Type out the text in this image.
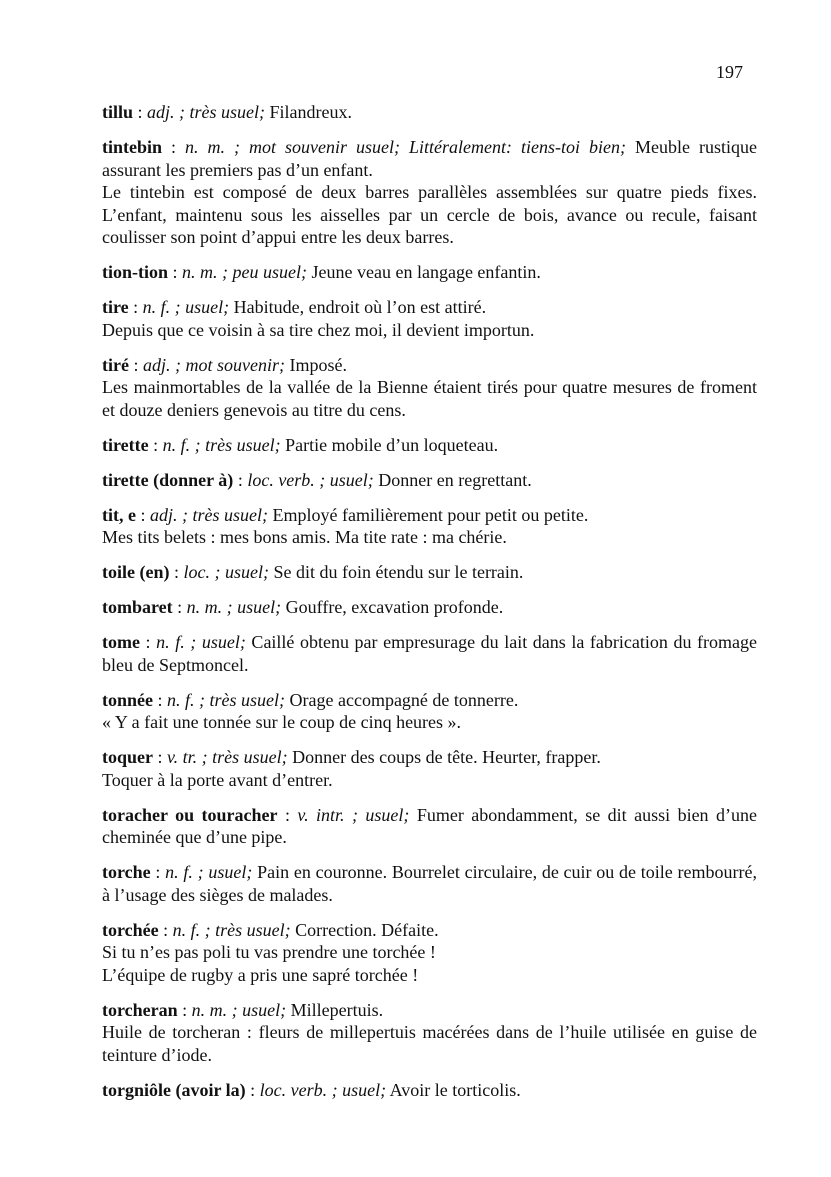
197
tillu : adj. ; très usuel; Filandreux.
tintebin : n. m. ; mot souvenir usuel; Littéralement: tiens-toi bien; Meuble rustique assurant les premiers pas d’un enfant.
Le tintebin est composé de deux barres parallèles assemblées sur quatre pieds fixes. L’enfant, maintenu sous les aisselles par un cercle de bois, avance ou recule, faisant coulisser son point d’appui entre les deux barres.
tion-tion : n. m. ; peu usuel; Jeune veau en langage enfantin.
tire : n. f. ; usuel; Habitude, endroit où l’on est attiré.
Depuis que ce voisin à sa tire chez moi, il devient importun.
tiré : adj. ; mot souvenir; Imposé.
Les mainmortables de la vallée de la Bienne étaient tirés pour quatre mesures de froment et douze deniers genevois au titre du cens.
tirette : n. f. ; très usuel; Partie mobile d’un loqueteau.
tirette (donner à) : loc. verb. ; usuel; Donner en regrettant.
tit, e : adj. ; très usuel; Employé familièrement pour petit ou petite.
Mes tits belets : mes bons amis. Ma tite rate : ma chérie.
toile (en) : loc. ; usuel; Se dit du foin étendu sur le terrain.
tombaret : n. m. ; usuel; Gouffre, excavation profonde.
tome : n. f. ; usuel; Caillé obtenu par empresurage du lait dans la fabrication du fromage bleu de Septmoncel.
tonnée : n. f. ; très usuel; Orage accompagné de tonnerre.
« Y a fait une tonnée sur le coup de cinq heures ».
toquer : v. tr. ; très usuel; Donner des coups de tête. Heurter, frapper.
Toquer à la porte avant d’entrer.
toracher ou touracher : v. intr. ; usuel; Fumer abondamment, se dit aussi bien d’une cheminée que d’une pipe.
torche : n. f. ; usuel; Pain en couronne. Bourrelet circulaire, de cuir ou de toile rembourré, à l’usage des sièges de malades.
torchée : n. f. ; très usuel; Correction. Défaite.
Si tu n’es pas poli tu vas prendre une torchée !
L’équipe de rugby a pris une sapré torchée !
torcheran : n. m. ; usuel; Millepertuis.
Huile de torcheran : fleurs de millepertuis macérées dans de l’huile utilisée en guise de teinture d’iode.
torgniôle (avoir la) : loc. verb. ; usuel; Avoir le torticolis.
